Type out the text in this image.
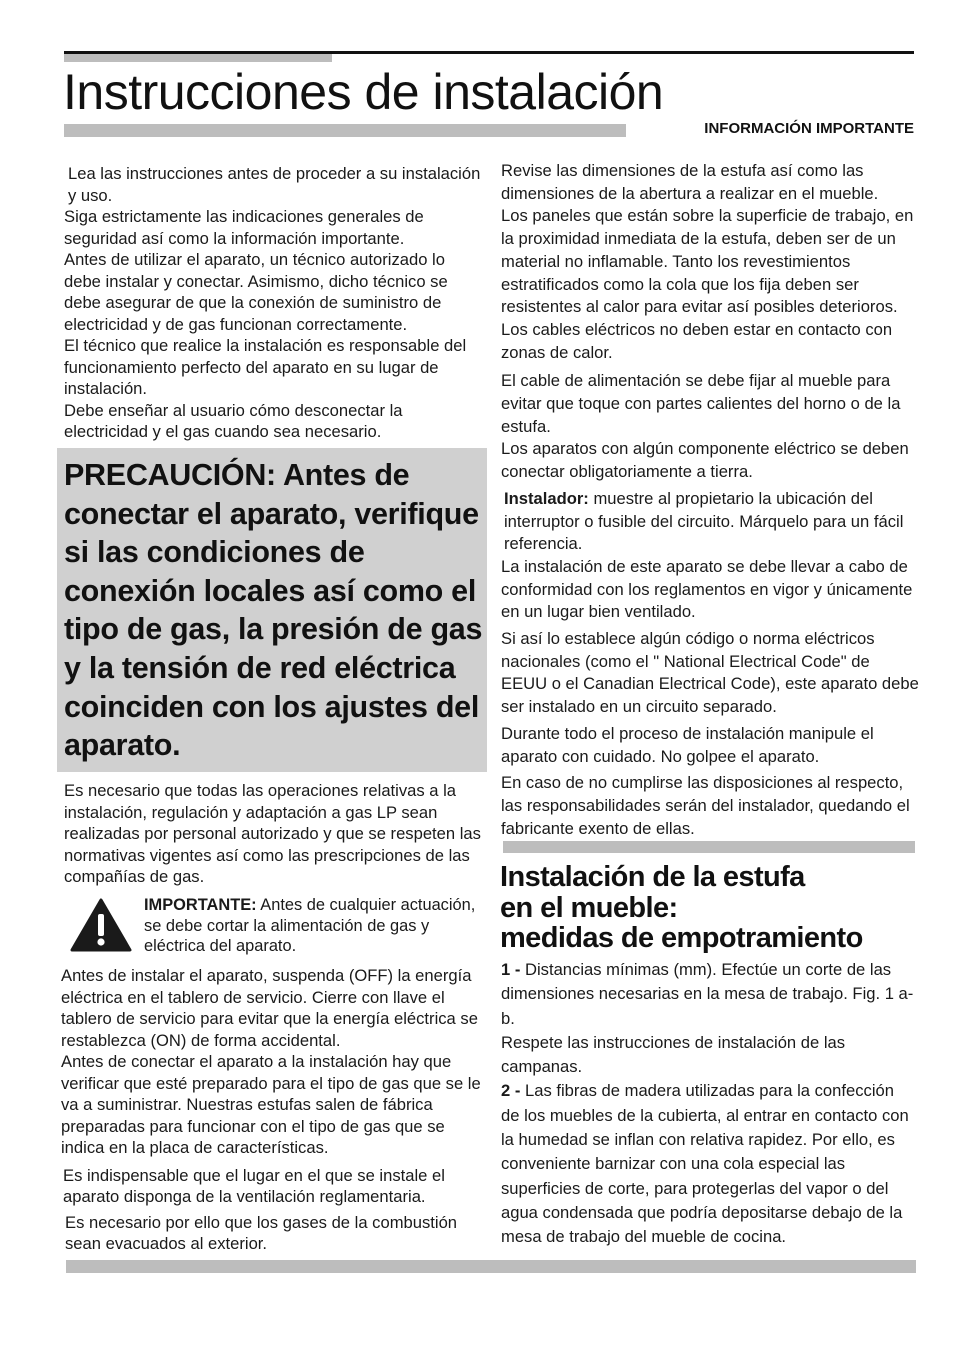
Instrucciones de instalación
INFORMACIÓN IMPORTANTE

Lea las instrucciones antes de proceder a su instalación y uso.

Siga estrictamente las indicaciones generales de seguridad así como la información importante.

Antes de utilizar el aparato, un técnico autorizado lo debe instalar y conectar. Asimismo, dicho técnico se debe asegurar de que la conexión de suministro de electricidad y de gas funcionan correctamente.

El técnico que realice la instalación es responsable del funcionamiento perfecto del aparato en su lugar de instalación.

Debe enseñar al usuario cómo desconectar la electricidad y el gas cuando sea necesario.

PRECAUCIÓN: Antes de conectar el aparato, verifique si las condiciones de conexión locales así como el tipo de gas, la presión de gas y la tensión de red eléctrica coinciden con los ajustes del aparato.

Es necesario que todas las operaciones relativas a la instalación, regulación y adaptación a gas LP sean realizadas por personal autorizado y que se respeten las normativas vigentes así como las prescripciones de las compañías de gas.

IMPORTANTE: Antes de cualquier actuación, se debe cortar la alimentación de gas y eléctrica del aparato.

Antes de instalar el aparato, suspenda (OFF) la energía eléctrica en el tablero de servicio. Cierre con llave el tablero de servicio para evitar que la energía eléctrica se restablezca (ON) de forma accidental.

Antes de conectar el aparato a la instalación hay que verificar que esté preparado para el tipo de gas que se le va a suministrar. Nuestras estufas salen de fábrica preparadas para funcionar con el tipo de gas que se indica en la placa de características.

Es indispensable que el lugar en el que se instale el aparato disponga de la ventilación reglamentaria.

Es necesario por ello que los gases de la combustión sean evacuados al exterior.

Revise las dimensiones de la estufa así como las dimensiones de la abertura a realizar en el mueble.

Los paneles que están sobre la superficie de trabajo, en la proximidad inmediata de la estufa, deben ser de un material no inflamable. Tanto los revestimientos estratificados como la cola que los fija deben ser resistentes al calor para evitar así posibles deterioros.

Los cables eléctricos no deben estar en contacto con zonas de calor.

El cable de alimentación se debe fijar al mueble para evitar que toque con partes calientes del horno o de la estufa.

Los aparatos con algún componente eléctrico se deben conectar obligatoriamente a tierra.

Instalador: muestre al propietario la ubicación del interruptor o fusible del circuito. Márquelo para un fácil referencia.

La instalación de este aparato se debe llevar a cabo de conformidad con los reglamentos en vigor y únicamente en un lugar bien ventilado.

Si así lo establece algún código o norma eléctricos nacionales (como el " National Electrical Code" de EEUU o el Canadian Electrical Code), este aparato debe ser instalado en un circuito separado.

Durante todo el proceso de instalación manipule el aparato con cuidado. No golpee el aparato.

En caso de no cumplirse las disposiciones al respecto, las responsabilidades serán del instalador, quedando el fabricante exento de ellas.

Instalación de la estufa
en el mueble:
medidas de empotramiento

1 - Distancias mínimas (mm). Efectúe un corte de las dimensiones necesarias en la mesa de trabajo. Fig. 1 a-b.

Respete las instrucciones de instalación de las campanas.

2 - Las fibras de madera utilizadas para la confección de los muebles de la cubierta, al entrar en contacto con la humedad se inflan con relativa rapidez. Por ello, es conveniente barnizar con una cola especial las superficies de corte, para protegerlas del vapor o del agua condensada que podría depositarse debajo de la mesa de trabajo del mueble de cocina.
